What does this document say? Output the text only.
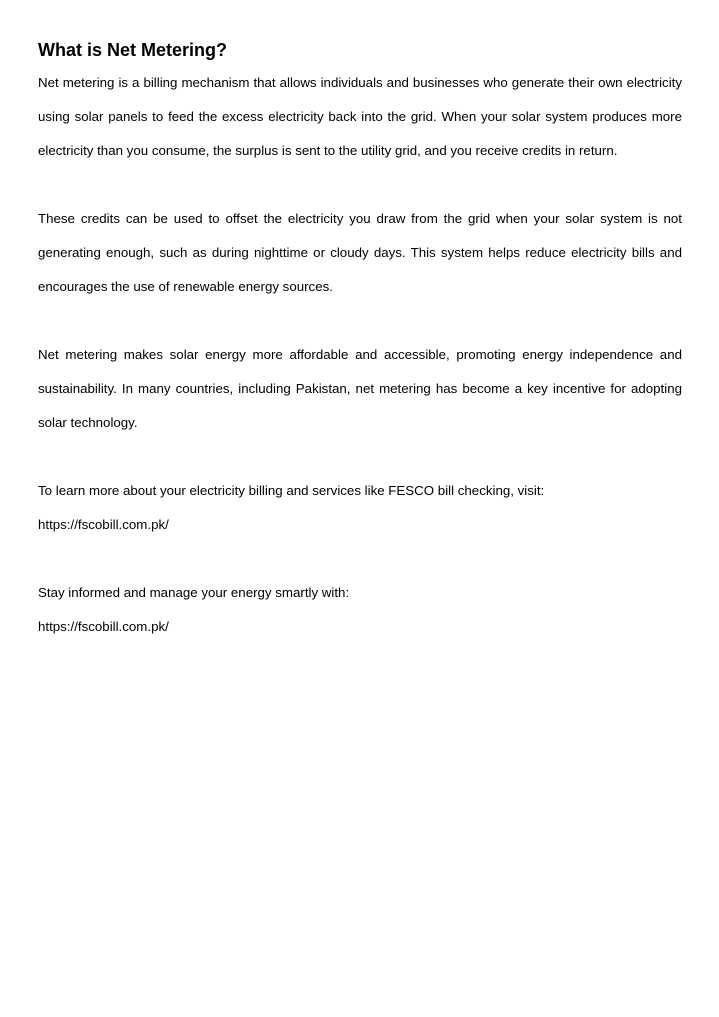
What is Net Metering?

Net metering is a billing mechanism that allows individuals and businesses who generate their own electricity using solar panels to feed the excess electricity back into the grid. When your solar system produces more electricity than you consume, the surplus is sent to the utility grid, and you receive credits in return.

These credits can be used to offset the electricity you draw from the grid when your solar system is not generating enough, such as during nighttime or cloudy days. This system helps reduce electricity bills and encourages the use of renewable energy sources.

Net metering makes solar energy more affordable and accessible, promoting energy independence and sustainability. In many countries, including Pakistan, net metering has become a key incentive for adopting solar technology.

To learn more about your electricity billing and services like FESCO bill checking, visit:
https://fscobill.com.pk/

Stay informed and manage your energy smartly with:

https://fscobill.com.pk/
